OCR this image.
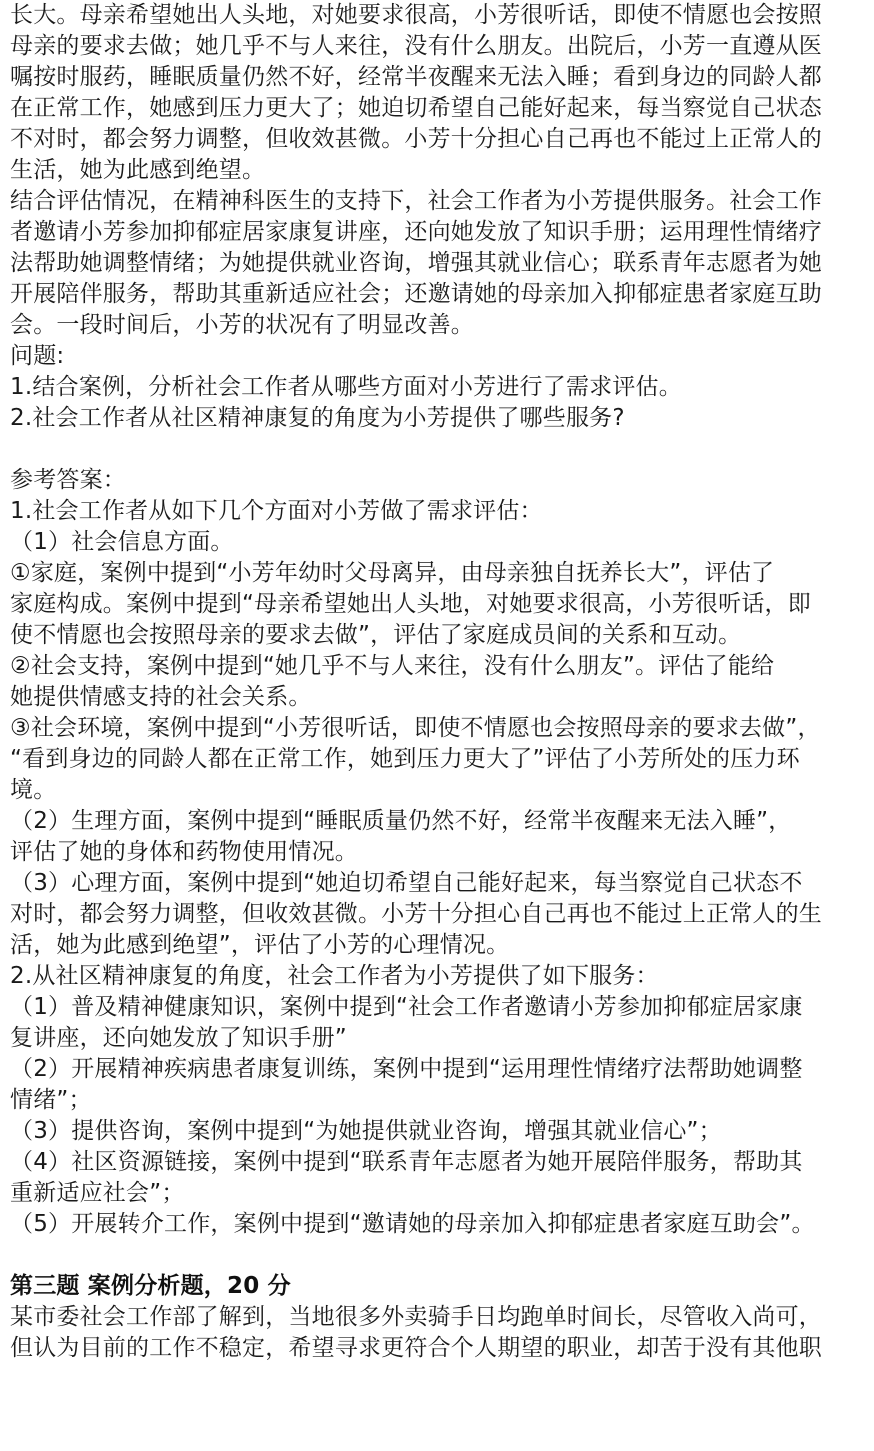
长大。母亲希望她出人头地，对她要求很高，小芳很听话，即使不情愿也会按照
母亲的要求去做；她几乎不与人来往，没有什么朋友。出院后，小芳一直遵从医
嘱按时服药，睡眠质量仍然不好，经常半夜醒来无法入睡；看到身边的同龄人都
在正常工作，她感到压力更大了；她迫切希望自己能好起来，每当察觉自己状态
不对时，都会努力调整，但收效甚微。小芳十分担心自己再也不能过上正常人的
生活，她为此感到绝望。
结合评估情况，在精神科医生的支持下，社会工作者为小芳提供服务。社会工作
者邀请小芳参加抑郁症居家康复讲座，还向她发放了知识手册；运用理性情绪疗
法帮助她调整情绪；为她提供就业咨询，增强其就业信心；联系青年志愿者为她
开展陪伴服务，帮助其重新适应社会；还邀请她的母亲加入抑郁症患者家庭互助
会。一段时间后，小芳的状况有了明显改善。
问题:
1.结合案例，分析社会工作者从哪些方面对小芳进行了需求评估。
2.社会工作者从社区精神康复的角度为小芳提供了哪些服务?
参考答案：
1.社会工作者从如下几个方面对小芳做了需求评估：
（1）社会信息方面。
①家庭，案例中提到“小芳年幼时父母离异，由母亲独自抚养长大”，评估了
家庭构成。案例中提到“母亲希望她出人头地，对她要求很高，小芳很听话，即
使不情愿也会按照母亲的要求去做”，评估了家庭成员间的关系和互动。
②社会支持，案例中提到“她几乎不与人来往，没有什么朋友”。评估了能给
她提供情感支持的社会关系。
③社会环境，案例中提到“小芳很听话，即使不情愿也会按照母亲的要求去做”，
“看到身边的同龄人都在正常工作，她到压力更大了”评估了小芳所处的压力环
境。
（2）生理方面，案例中提到“睡眠质量仍然不好，经常半夜醒来无法入睡”，
评估了她的身体和药物使用情况。
（3）心理方面，案例中提到“她迫切希望自己能好起来，每当察觉自己状态不
对时，都会努力调整，但收效甚微。小芳十分担心自己再也不能过上正常人的生
活，她为此感到绝望”，评估了小芳的心理情况。
2.从社区精神康复的角度，社会工作者为小芳提供了如下服务：
（1）普及精神健康知识，案例中提到“社会工作者邀请小芳参加抑郁症居家康
复讲座，还向她发放了知识手册”
（2）开展精神疾病患者康复训练，案例中提到“运用理性情绪疗法帮助她调整
情绪”；
（3）提供咨询，案例中提到“为她提供就业咨询，增强其就业信心”；
（4）社区资源链接，案例中提到“联系青年志愿者为她开展陪伴服务，帮助其
重新适应社会”；
（5）开展转介工作，案例中提到“邀请她的母亲加入抑郁症患者家庭互助会”。
第三题 案例分析题，20 分
某市委社会工作部了解到，当地很多外卖骑手日均跑单时间长，尽管收入尚可，
但认为目前的工作不稳定，希望寻求更符合个人期望的职业，却苦于没有其他职
